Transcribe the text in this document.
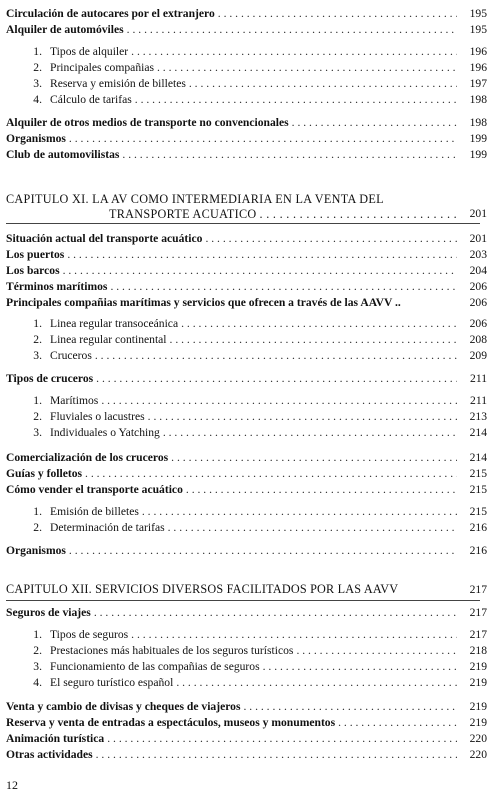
Circulación de autocares por el extranjero . . .	195
Alquiler de automóviles . . .	195
1. Tipos de alquiler . . .	196
2. Principales compañias . . .	196
3. Reserva y emisión de billetes . . .	197
4. Cálculo de tarifas . . .	198
Alquiler de otros medios de transporte no convencionales . . .	198
Organismos . . .	199
Club de automovilistas . . .	199
CAPITULO XI. LA AV COMO INTERMEDIARIA EN LA VENTA DEL
TRANSPORTE ACUATICO . . .	201
Situación actual del transporte acuático . . .	201
Los puertos . . .	203
Los barcos . . .	204
Términos marítimos . . .	206
Principales compañias marítimas y servicios que ofrecen a través de las AAVV ..	206
1. Linea regular transoceánica . . .	206
2. Linea regular continental . . .	208
3. Cruceros . . .	209
Tipos de cruceros . . .	211
1. Marítimos . . .	211
2. Fluviales o lacustres . . .	213
3. Individuales o Yatching . . .	214
Comercialización de los cruceros . . .	214
Guías y folletos . . .	215
Cómo vender el transporte acuático . . .	215
1. Emisión de billetes . . .	215
2. Determinación de tarifas . . .	216
Organismos . . .	216
CAPITULO XII. SERVICIOS DIVERSOS FACILITADOS POR LAS AAVV	217
Seguros de viajes . . .	217
1. Tipos de seguros . . .	217
2. Prestaciones más habituales de los seguros turísticos . . .	218
3. Funcionamiento de las compañias de seguros . . .	219
4. El seguro turístico español . . .	219
Venta y cambio de divisas y cheques de viajeros . . .	219
Reserva y venta de entradas a espectáculos, museos y monumentos . . .	219
Animación turística . . .	220
Otras actividades . . .	220
12
